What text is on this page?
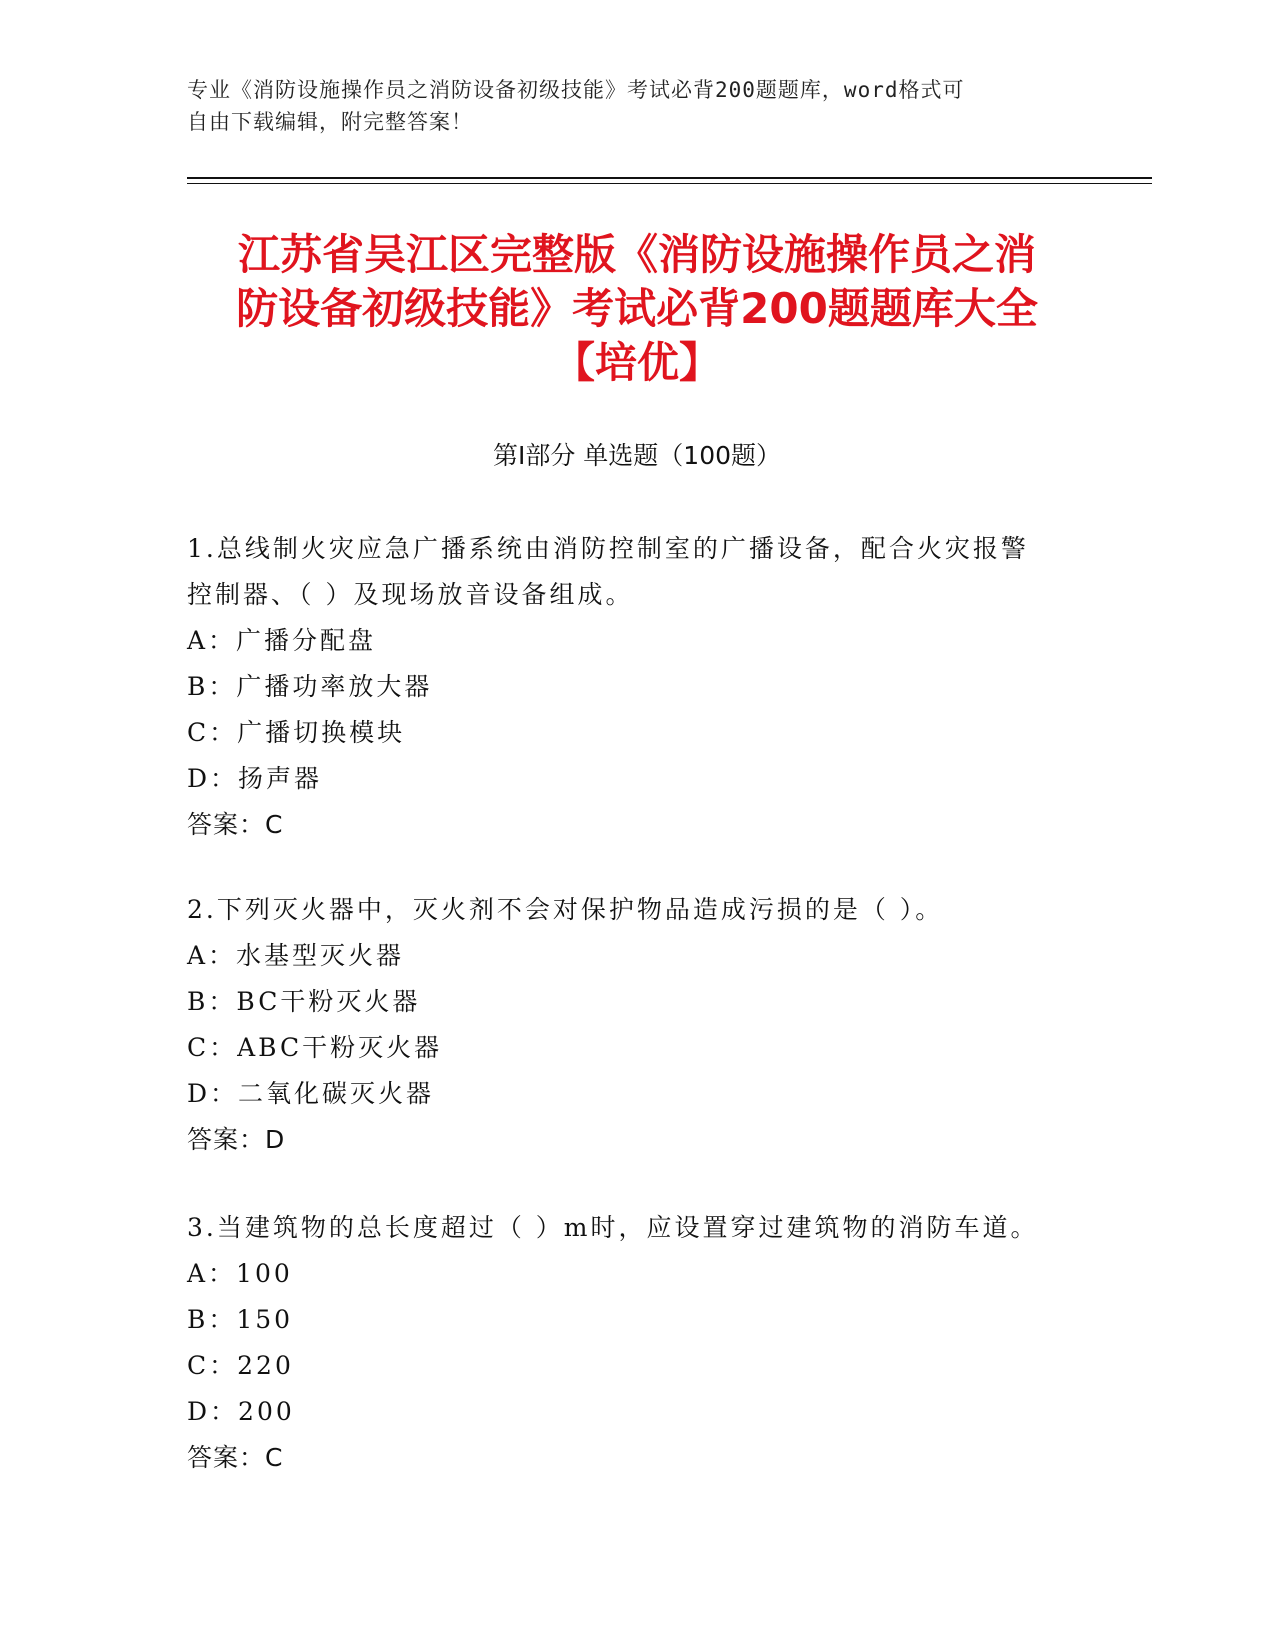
专业《消防设施操作员之消防设备初级技能》考试必背200题题库，word格式可
自由下载编辑，附完整答案！
江苏省吴江区完整版《消防设施操作员之消
防设备初级技能》考试必背200题题库大全
【培优】
第I部分 单选题（100题）
1.总线制火灾应急广播系统由消防控制室的广播设备，配合火灾报警
控制器、（ ）及现场放音设备组成。
A：广播分配盘
B：广播功率放大器
C：广播切换模块
D：扬声器
答案：C
2.下列灭火器中，灭火剂不会对保护物品造成污损的是（ ）。
A：水基型灭火器
B：BC干粉灭火器
C：ABC干粉灭火器
D：二氧化碳灭火器
答案：D
3.当建筑物的总长度超过（ ）m时，应设置穿过建筑物的消防车道。
A：100
B：150
C：220
D：200
答案：C
